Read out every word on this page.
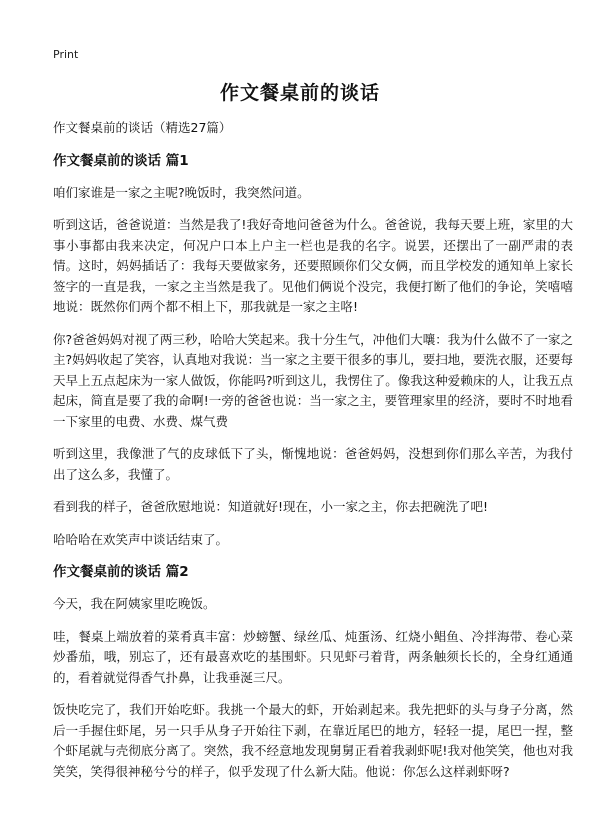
Print
作文餐桌前的谈话

作文餐桌前的谈话（精选27篇）

作文餐桌前的谈话 篇1

咱们家谁是一家之主呢?晚饭时，我突然问道。

听到这话，爸爸说道：当然是我了!我好奇地问爸爸为什么。爸爸说，我每天要上班，家里的大事小事都由我来决定，何况户口本上户主一栏也是我的名字。说罢，还摆出了一副严肃的表情。这时，妈妈插话了：我每天要做家务，还要照顾你们父女俩，而且学校发的通知单上家长签字的一直是我，一家之主当然是我了。见他们俩说个没完，我便打断了他们的争论，笑嘻嘻地说：既然你们两个都不相上下，那我就是一家之主咯!

你?爸爸妈妈对视了两三秒，哈哈大笑起来。我十分生气，冲他们大嚷：我为什么做不了一家之主?妈妈收起了笑容，认真地对我说：当一家之主要干很多的事儿，要扫地，要洗衣服，还要每天早上五点起床为一家人做饭，你能吗?听到这儿，我愣住了。像我这种爱赖床的人，让我五点起床，简直是要了我的命啊!一旁的爸爸也说：当一家之主，要管理家里的经济，要时不时地看一下家里的电费、水费、煤气费

听到这里，我像泄了气的皮球低下了头，惭愧地说：爸爸妈妈，没想到你们那么辛苦，为我付出了这么多，我懂了。

看到我的样子，爸爸欣慰地说：知道就好!现在，小一家之主，你去把碗洗了吧!

哈哈哈在欢笑声中谈话结束了。

作文餐桌前的谈话 篇2

今天，我在阿姨家里吃晚饭。

哇，餐桌上端放着的菜肴真丰富：炒螃蟹、绿丝瓜、炖蛋汤、红烧小鲳鱼、冷拌海带、卷心菜炒番茄，哦，别忘了，还有最喜欢吃的基围虾。只见虾弓着背，两条触须长长的，全身红通通的，看着就觉得香气扑鼻，让我垂涎三尺。

饭快吃完了，我们开始吃虾。我挑一个最大的虾，开始剥起来。我先把虾的头与身子分离，然后一手握住虾尾，另一只手从身子开始往下剥，在靠近尾巴的地方，轻轻一提，尾巴一捏，整个虾尾就与壳彻底分离了。突然，我不经意地发现舅舅正看着我剥虾呢!我对他笑笑，他也对我笑笑，笑得很神秘兮兮的样子，似乎发现了什么新大陆。他说：你怎么这样剥虾呀?
